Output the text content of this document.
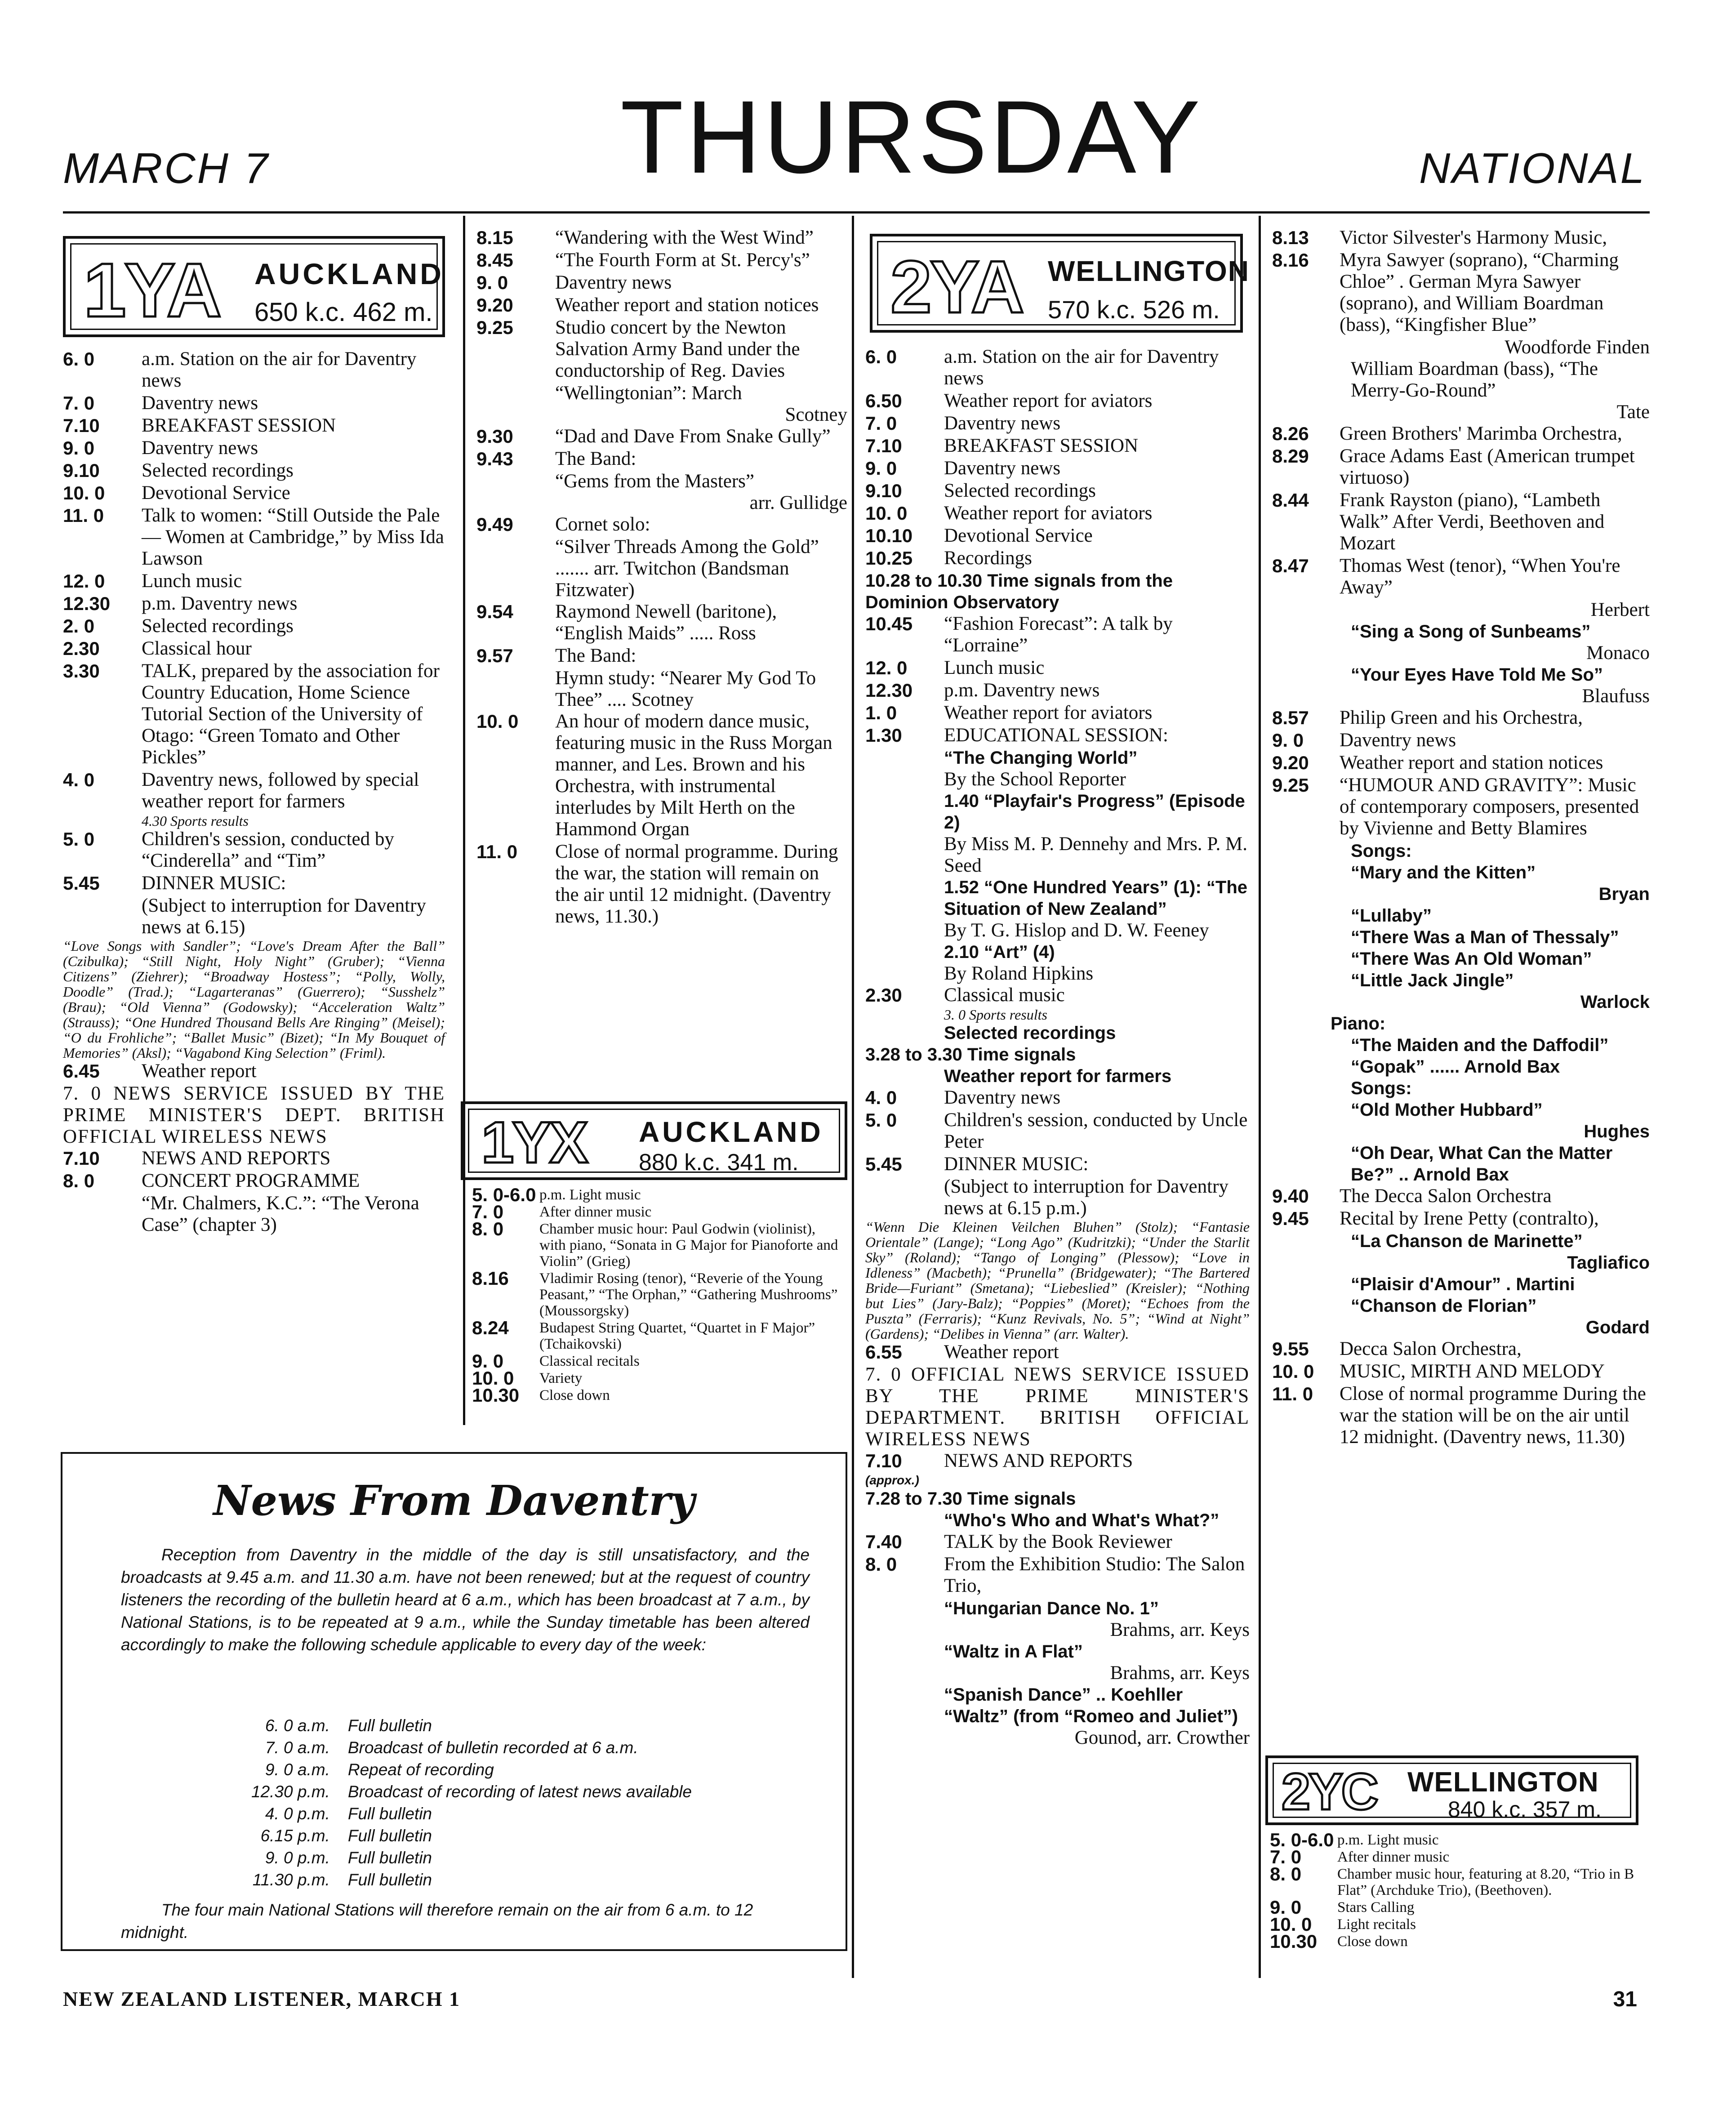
MARCH 7	THURSDAY	NATIONAL
1YA AUCKLAND
650 k.c. 462 m.
6. 0	a.m. Station on the air for Daventry news
7. 0	Daventry news
7.10	BREAKFAST SESSION
9. 0	Daventry news
9.10	Selected recordings
10. 0	Devotional Service
11. 0	Talk to women: “Still Outside the Pale — Women at Cambridge,” by Miss Ida Lawson
12. 0	Lunch music
12.30	p.m. Daventry news
2. 0	Selected recordings
2.30	Classical hour
3.30	TALK, prepared by the association for Country Education, Home Science Tutorial Section of the University of Otago: “Green Tomato and Other Pickles”
4. 0	Daventry news, followed by special weather report for farmers

4.30 Sports results

5. 0	Children's session, conducted by “Cinderella” and “Tim”
5.45	DINNER MUSIC:

(Subject to interruption for Daventry news at 6.15)

“Love Songs with Sandler”; “Love's Dream After the Ball” (Czibulka); “Still Night, Holy Night” (Gruber); “Vienna Citizens” (Ziehrer); “Broadway Hostess”; “Polly, Wolly, Doodle” (Trad.); “Lagarteranas” (Guerrero); “Susshelz” (Brau); “Old Vienna” (Godowsky); “Acceleration Waltz” (Strauss); “One Hundred Thousand Bells Are Ringing” (Meisel); “O du Frohliche”; “Ballet Music” (Bizet); “In My Bouquet of Memories” (Aksl); “Vagabond King Selection” (Friml).

6.45	Weather report

7. 0 NEWS SERVICE ISSUED BY THE PRIME MINISTER'S DEPT. BRITISH OFFICIAL WIRELESS NEWS

7.10	NEWS AND REPORTS
8. 0	CONCERT PROGRAMME

“Mr. Chalmers, K.C.”: “The Verona Case” (chapter 3)

8.15	“Wandering with the West Wind”
8.45	“The Fourth Form at St. Percy's”
9. 0	Daventry news
9.20	Weather report and station notices
9.25	Studio concert by the Newton Salvation Army Band under the conductorship of Reg. Davies

“Wellingtonian”: March

Scotney

9.30	“Dad and Dave From Snake Gully”
9.43	The Band:

“Gems from the Masters”

arr. Gullidge

9.49	Cornet solo:

“Silver Threads Among the Gold” ....... arr. Twitchon (Bandsman Fitzwater)

9.54	Raymond Newell (baritone), “English Maids” ..... Ross
9.57	The Band:

Hymn study: “Nearer My God To Thee” .... Scotney

10. 0	An hour of modern dance music, featuring music in the Russ Morgan manner, and Les. Brown and his Orchestra, with instrumental interludes by Milt Herth on the Hammond Organ
11. 0	Close of normal programme. During the war, the station will remain on the air until 12 midnight. (Daventry news, 11.30.)
1YX AUCKLAND
880 k.c. 341 m.
5. 0-6.0 p.m. Light music
7. 0	After dinner music
8. 0	Chamber music hour: Paul Godwin (violinist), with piano, “Sonata in G Major for Pianoforte and Violin” (Grieg)
8.16	Vladimir Rosing (tenor), “Reverie of the Young Peasant,” “The Orphan,” “Gathering Mushrooms” (Moussorgsky)
8.24	Budapest String Quartet, “Quartet in F Major” (Tchaikovski)
9. 0	Classical recitals
10. 0	Variety
10.30	Close down
News From Daventry
Reception from Daventry in the middle of the day is still unsatisfactory, and the broadcasts at 9.45 a.m. and 11.30 a.m. have not been renewed; but at the request of country listeners the recording of the bulletin heard at 6 a.m., which has been broadcast at 7 a.m., by National Stations, is to be repeated at 9 a.m., while the Sunday timetable has been altered accordingly to make the following schedule applicable to every day of the week:
6. 0 a.m.	Full bulletin
7. 0 a.m.	Broadcast of bulletin recorded at 6 a.m.
9. 0 a.m.	Repeat of recording
12.30 p.m.	Broadcast of recording of latest news available
4. 0 p.m.	Full bulletin
6.15 p.m.	Full bulletin
9. 0 p.m.	Full bulletin
11.30 p.m.	Full bulletin
The four main National Stations will therefore remain on the air from 6 a.m. to 12 midnight.
2YA WELLINGTON
570 k.c. 526 m.
6. 0	a.m. Station on the air for Daventry news
6.50	Weather report for aviators
7. 0	Daventry news
7.10	BREAKFAST SESSION
9. 0	Daventry news
9.10	Selected recordings
10. 0	Weather report for aviators
10.10	Devotional Service
10.25	Recordings

10.28 to 10.30 Time signals from the Dominion Observatory

10.45	“Fashion Forecast”: A talk by “Lorraine”
12. 0	Lunch music
12.30	p.m. Daventry news
1. 0	Weather report for aviators
1.30	EDUCATIONAL SESSION:

“The Changing World”

By the School Reporter

1.40 “Playfair's Progress” (Episode 2)

By Miss M. P. Dennehy and Mrs. P. M. Seed

1.52 “One Hundred Years” (1): “The Situation of New Zealand”

By T. G. Hislop and D. W. Feeney

2.10 “Art” (4)

By Roland Hipkins

2.30	Classical music

3. 0 Sports results

Selected recordings

3.28 to 3.30 Time signals

Weather report for farmers

4. 0	Daventry news
5. 0	Children's session, conducted by Uncle Peter
5.45	DINNER MUSIC:

(Subject to interruption for Daventry news at 6.15 p.m.)

“Wenn Die Kleinen Veilchen Bluhen” (Stolz); “Fantasie Orientale” (Lange); “Long Ago” (Kudritzki); “Under the Starlit Sky” (Roland); “Tango of Longing” (Plessow); “Love in Idleness” (Macbeth); “Prunella” (Bridgewater); “The Bartered Bride—Furiant” (Smetana); “Liebeslied” (Kreisler); “Nothing but Lies” (Jary-Balz); “Poppies” (Moret); “Echoes from the Puszta” (Ferraris); “Kunz Revivals, No. 5”; “Wind at Night” (Gardens); “Delibes in Vienna” (arr. Walter).

6.55	Weather report

7. 0 OFFICIAL NEWS SERVICE ISSUED BY THE PRIME MINISTER'S DEPARTMENT. BRITISH OFFICIAL WIRELESS NEWS

7.10	NEWS AND REPORTS

(approx.)

7.28 to 7.30 Time signals

“Who's Who and What's What?”

7.40	TALK by the Book Reviewer
8. 0	From the Exhibition Studio: The Salon Trio,

“Hungarian Dance No. 1”

Brahms, arr. Keys

“Waltz in A Flat”

Brahms, arr. Keys

“Spanish Dance” .. Koehller

“Waltz” (from “Romeo and Juliet”)

Gounod, arr. Crowther

8.13	Victor Silvester's Harmony Music,
8.16	Myra Sawyer (soprano), “Charming Chloe” . German Myra Sawyer (soprano), and William Boardman (bass), “Kingfisher Blue”

Woodforde Finden

William Boardman (bass), “The Merry-Go-Round”

Tate

8.26	Green Brothers' Marimba Orchestra,
8.29	Grace Adams East (American trumpet virtuoso)
8.44	Frank Rayston (piano), “Lambeth Walk” After Verdi, Beethoven and Mozart
8.47	Thomas West (tenor), “When You're Away”

Herbert

“Sing a Song of Sunbeams”

Monaco

“Your Eyes Have Told Me So”

Blaufuss

8.57	Philip Green and his Orchestra,
9. 0	Daventry news
9.20	Weather report and station notices
9.25	“HUMOUR AND GRAVITY”: Music of contemporary composers, presented by Vivienne and Betty Blamires

Songs:

“Mary and the Kitten”

Bryan

“Lullaby”

“There Was a Man of Thessaly”

“There Was An Old Woman”

“Little Jack Jingle”

Warlock

Piano:

“The Maiden and the Daffodil”

“Gopak” ...... Arnold Bax

Songs:

“Old Mother Hubbard”

Hughes

“Oh Dear, What Can the Matter Be?” .. Arnold Bax

9.40	The Decca Salon Orchestra
9.45	Recital by Irene Petty (contralto),

“La Chanson de Marinette”

Tagliafico

“Plaisir d'Amour” . Martini

“Chanson de Florian”

Godard

9.55	Decca Salon Orchestra,
10. 0	MUSIC, MIRTH AND MELODY
11. 0	Close of normal programme During the war the station will be on the air until 12 midnight. (Daventry news, 11.30)
2YC WELLINGTON
840 k.c. 357 m.
5. 0-6.0 p.m. Light music
7. 0	After dinner music
8. 0	Chamber music hour, featuring at 8.20, “Trio in B Flat” (Archduke Trio), (Beethoven).
9. 0	Stars Calling
10. 0	Light recitals
10.30	Close down
NEW ZEALAND LISTENER, MARCH 1	31
